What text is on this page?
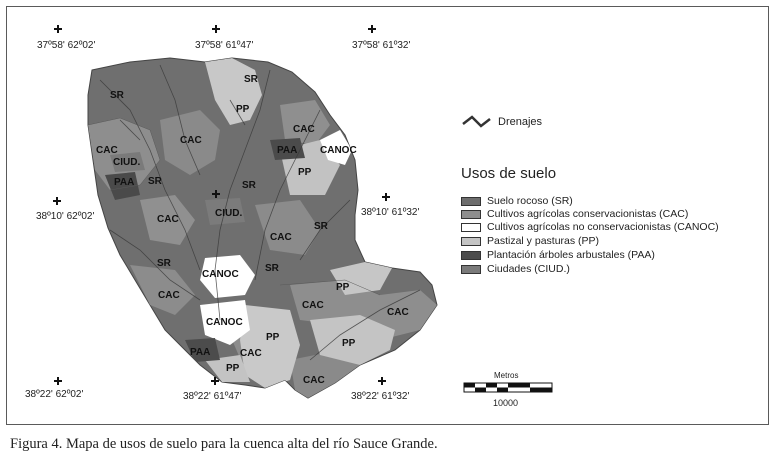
SR
SR
PP
CAC
CAC
PAA CANOC
CAC
CIUD.
PAA SR
PP
SR
CIUD.
CAC
SR
CAC
SR
CANOC
SR
CAC
PP
CAC
CAC
CANOC
PP
PP
PAA	CAC
PP
CAC
37º58' 62º02'	37º58' 61º47'	37º58' 61º32'
38º10' 62º02'	38º10' 61º32'
38º22' 62º02'	38º22' 61º47'	38º22' 61º32'
Drenajes
Usos de suelo
Suelo rocoso (SR)
Cultivos agrícolas conservacionistas (CAC)
Cultivos agrícolas no conservacionistas (CANOC)
Pastizal y pasturas (PP)
Plantación árboles arbustales (PAA)
Ciudades (CIUD.)
Metros
10000
Figura 4. Mapa de usos de suelo para la cuenca alta del río Sauce Grande.
